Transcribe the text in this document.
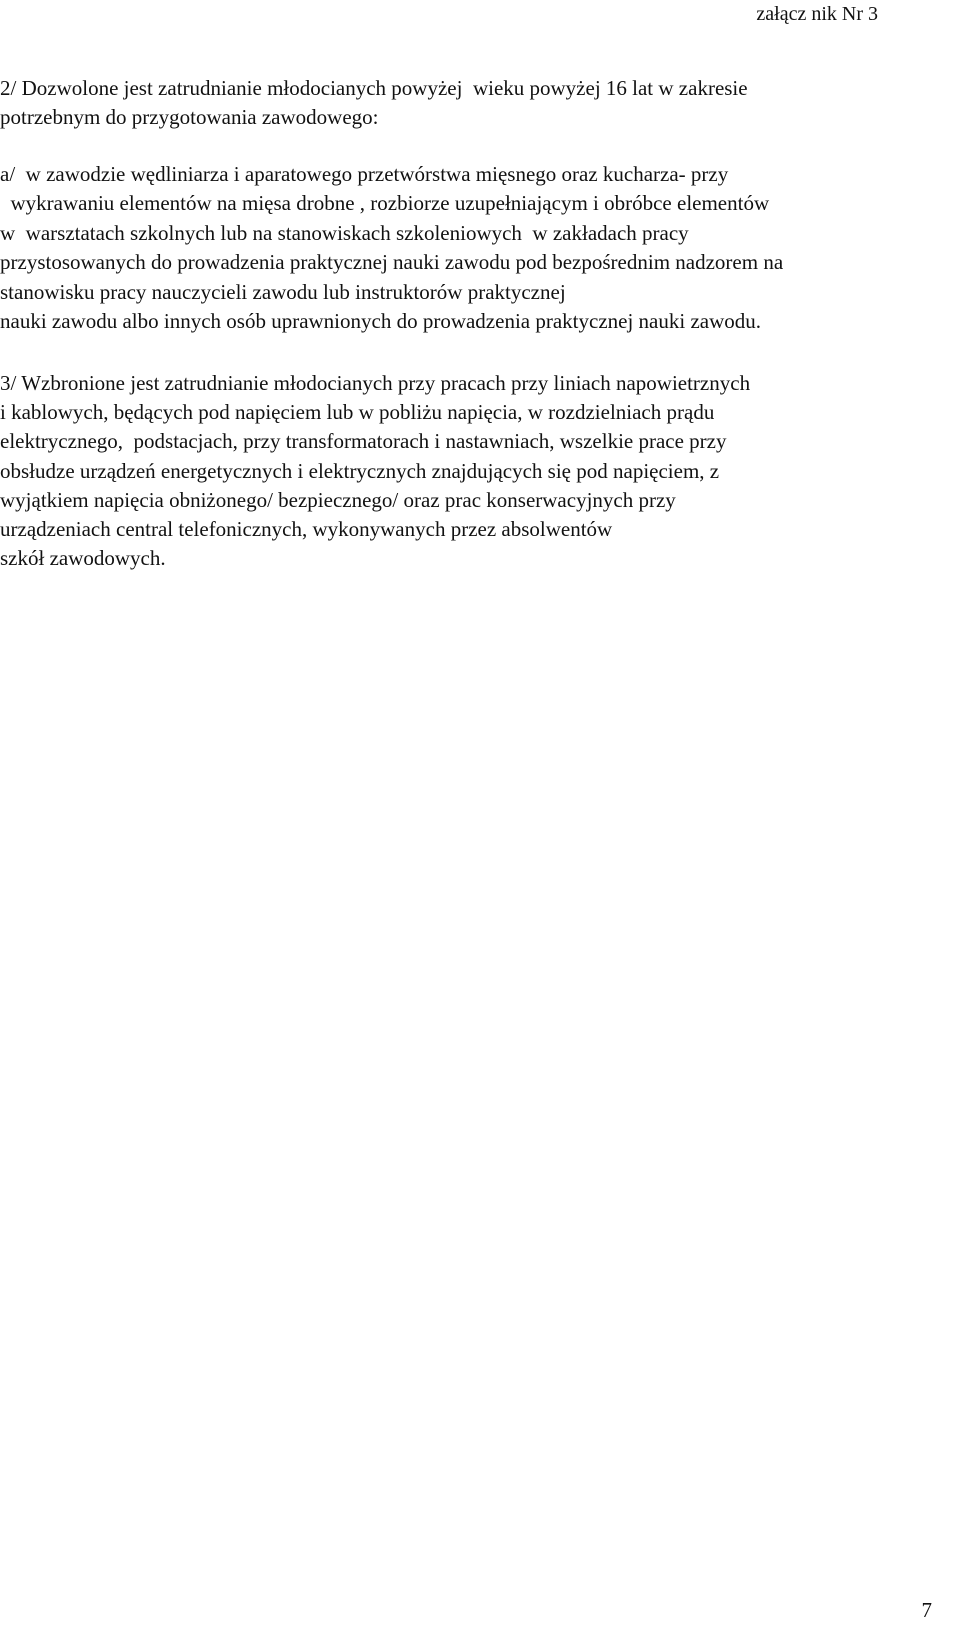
załącz nik Nr 3
2/ Dozwolone jest zatrudnianie młodocianych powyżej  wieku powyżej 16 lat w zakresie
potrzebnym do przygotowania zawodowego:
a/  w zawodzie wędliniarza i aparatowego przetwórstwa mięsnego oraz kucharza- przy
wykrawaniu elementów na mięsa drobne , rozbiorze uzupełniającym i obróbce elementów
w  warsztatach szkolnych lub na stanowiskach szkoleniowych  w zakładach pracy
przystosowanych do prowadzenia praktycznej nauki zawodu pod bezpośrednim nadzorem na
stanowisku pracy nauczycieli zawodu lub instruktorów praktycznej
nauki zawodu albo innych osób uprawnionych do prowadzenia praktycznej nauki zawodu.
3/ Wzbronione jest zatrudnianie młodocianych przy pracach przy liniach napowietrznych
i kablowych, będących pod napięciem lub w pobliżu napięcia, w rozdzielniach prądu
elektrycznego,  podstacjach, przy transformatorach i nastawniach, wszelkie prace przy
obsłudze urządzeń energetycznych i elektrycznych znajdujących się pod napięciem, z
wyjątkiem napięcia obniżonego/ bezpiecznego/ oraz prac konserwacyjnych przy
urządzeniach central telefonicznych, wykonywanych przez absolwentów
szkół zawodowych.
7
